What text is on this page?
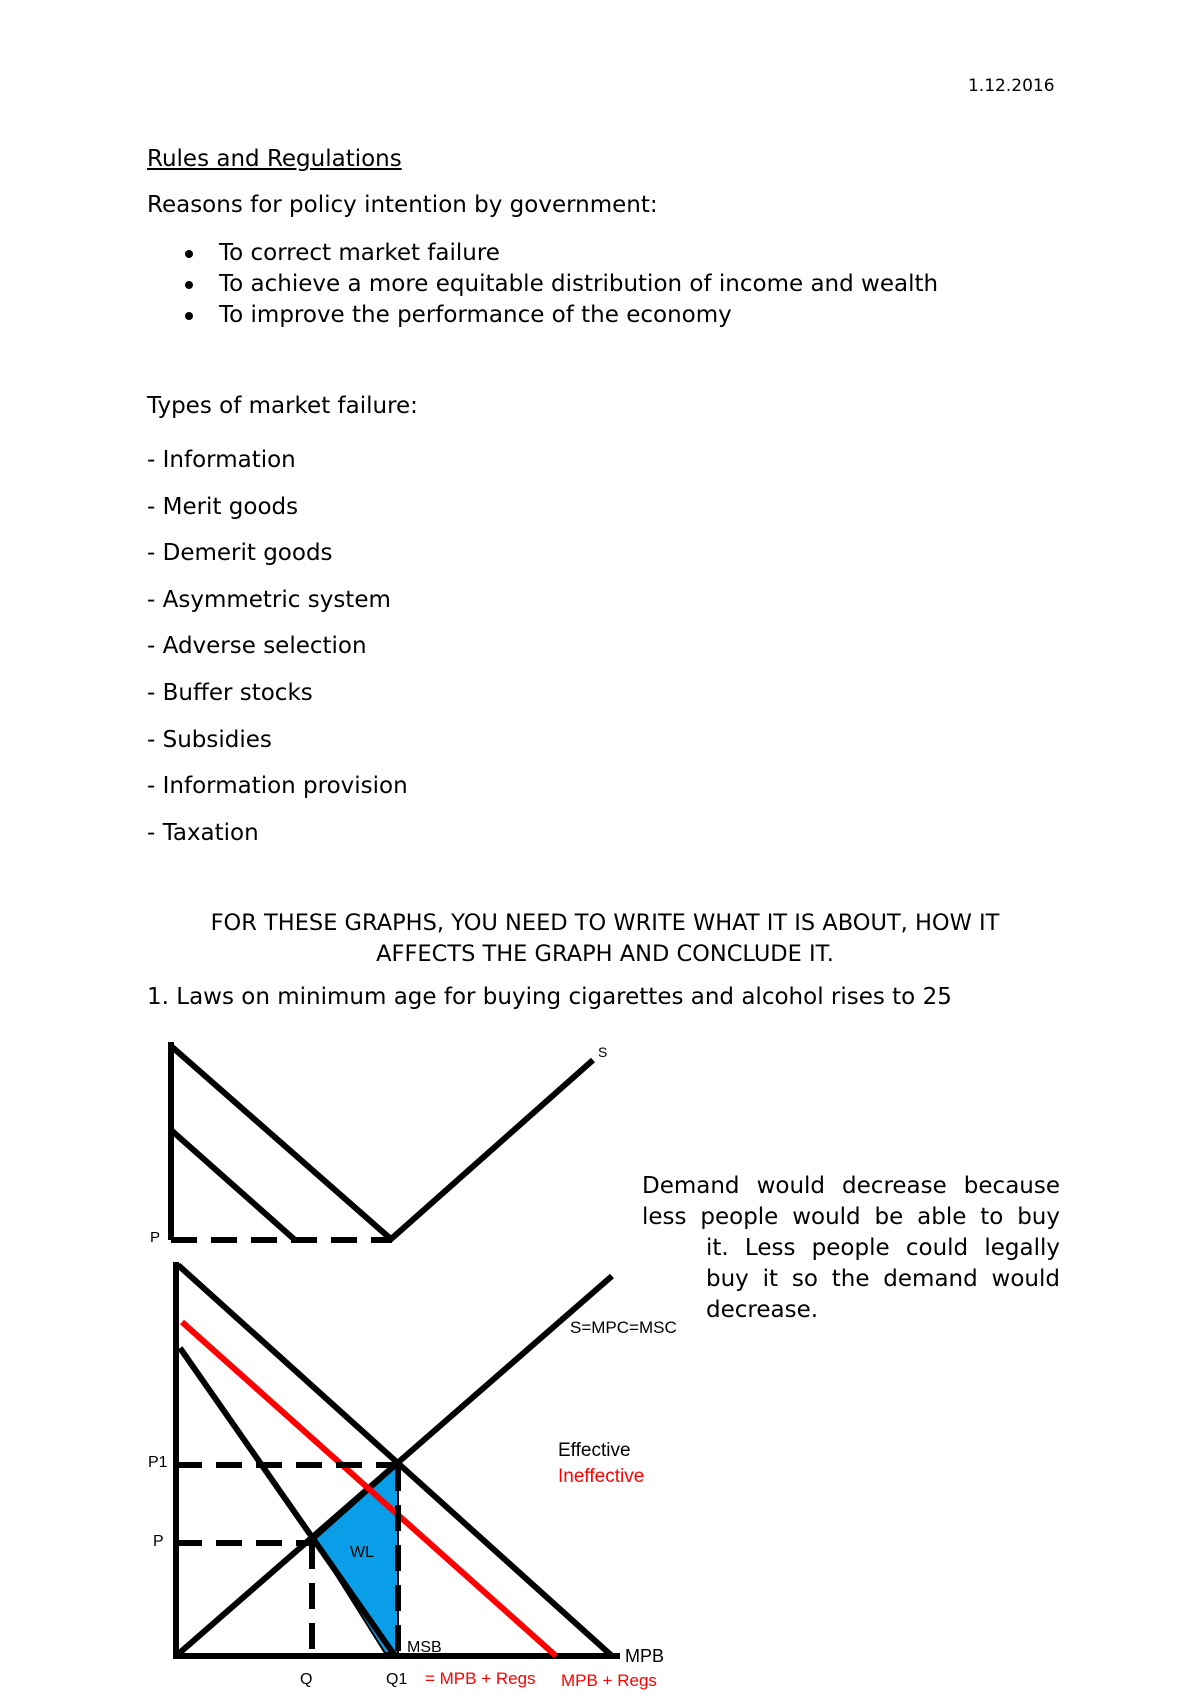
1.12.2016
Rules and Regulations
Reasons for policy intention by government:
To correct market failure
To achieve a more equitable distribution of income and wealth
To improve the performance of the economy
Types of market failure:
- Information
- Merit goods
- Demerit goods
- Asymmetric system
- Adverse selection
- Buffer stocks
- Subsidies
- Information provision
- Taxation
FOR THESE GRAPHS, YOU NEED TO WRITE WHAT IT IS ABOUT, HOW IT
AFFECTS THE GRAPH AND CONCLUDE IT.
1. Laws on minimum age for buying cigarettes and alcohol rises to 25
Demand would decrease because
less people would be able to buy
it. Less people could legally
buy it so the demand would
decrease.
S
P
S=MPC=MSC
P1
P
Q	Q1
WL
MSB	MPB
= MPB + Regs MPB + Regs
Effective
Ineffective
